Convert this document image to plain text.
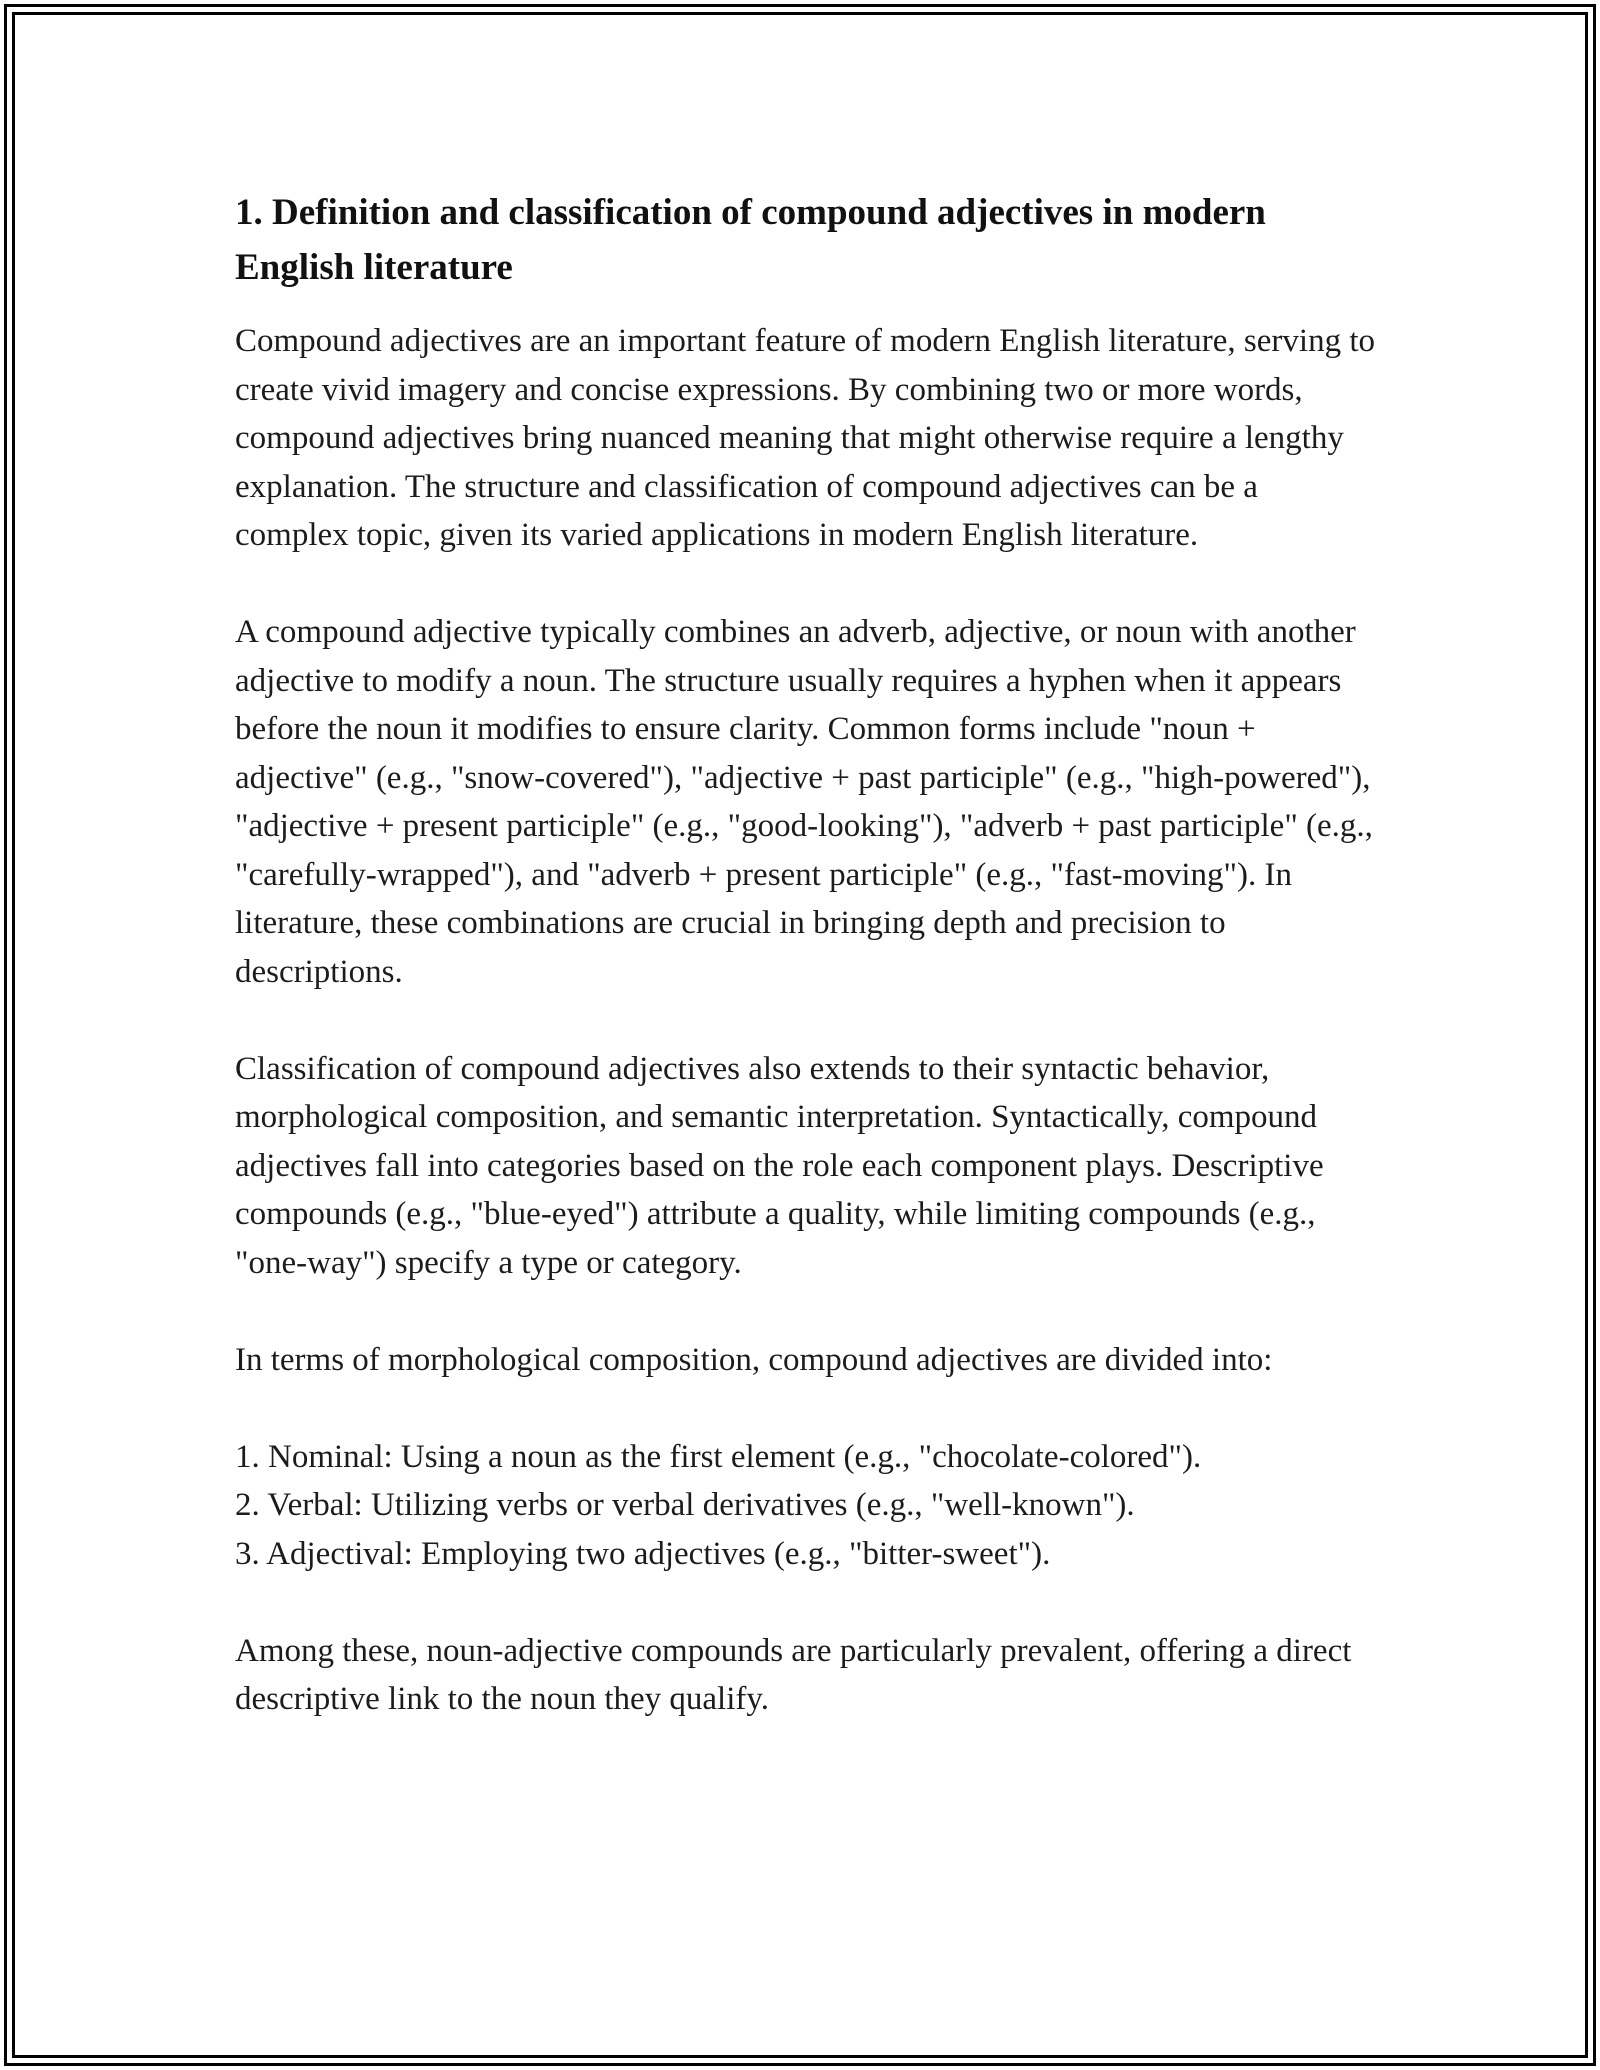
1. Definition and classification of compound adjectives in modern English literature

Compound adjectives are an important feature of modern English literature, serving to create vivid imagery and concise expressions. By combining two or more words, compound adjectives bring nuanced meaning that might otherwise require a lengthy explanation. The structure and classification of compound adjectives can be a complex topic, given its varied applications in modern English literature.

A compound adjective typically combines an adverb, adjective, or noun with another adjective to modify a noun. The structure usually requires a hyphen when it appears before the noun it modifies to ensure clarity. Common forms include "noun + adjective" (e.g., "snow-covered"), "adjective + past participle" (e.g., "high-powered"), "adjective + present participle" (e.g., "good-looking"), "adverb + past participle" (e.g., "carefully-wrapped"), and "adverb + present participle" (e.g., "fast-moving"). In literature, these combinations are crucial in bringing depth and precision to descriptions.

Classification of compound adjectives also extends to their syntactic behavior, morphological composition, and semantic interpretation. Syntactically, compound adjectives fall into categories based on the role each component plays. Descriptive compounds (e.g., "blue-eyed") attribute a quality, while limiting compounds (e.g., "one-way") specify a type or category.

In terms of morphological composition, compound adjectives are divided into:

1. Nominal: Using a noun as the first element (e.g., "chocolate-colored").
2. Verbal: Utilizing verbs or verbal derivatives (e.g., "well-known").
3. Adjectival: Employing two adjectives (e.g., "bitter-sweet").

Among these, noun-adjective compounds are particularly prevalent, offering a direct descriptive link to the noun they qualify.
